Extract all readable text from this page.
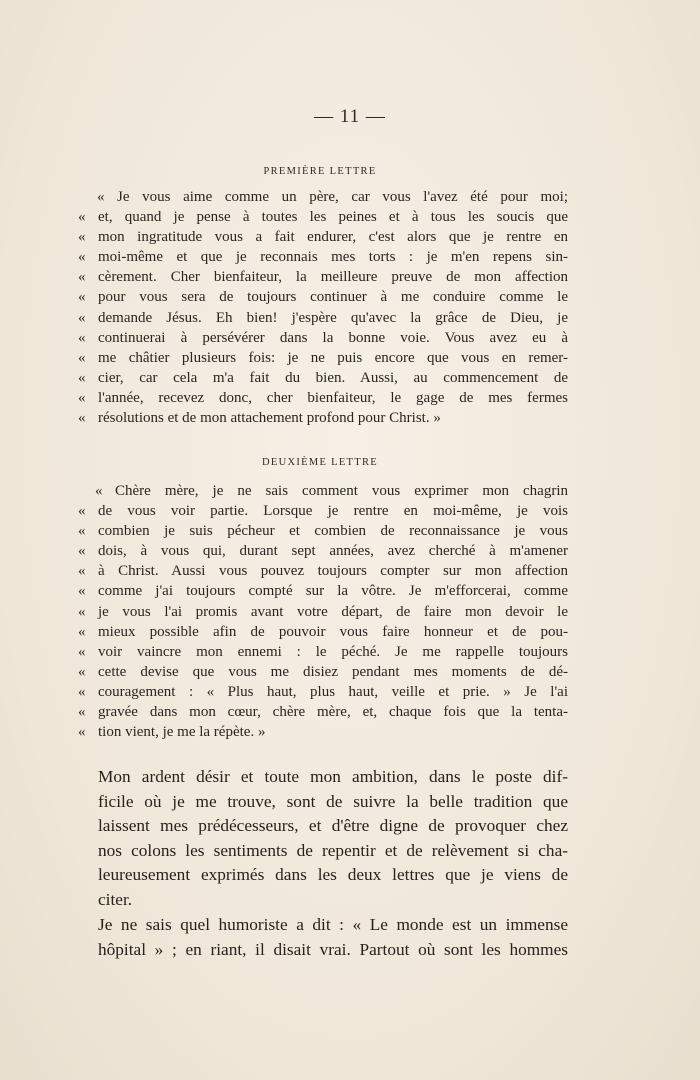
— 11 —
PREMIÈRE LETTRE
« Je vous aime comme un père, car vous l'avez été pour moi;
« et, quand je pense à toutes les peines et à tous les soucis que
« mon ingratitude vous a fait endurer, c'est alors que je rentre en
« moi-même et que je reconnais mes torts : je m'en repens sin-
« cèrement. Cher bienfaiteur, la meilleure preuve de mon affection
« pour vous sera de toujours continuer à me conduire comme le
« demande Jésus. Eh bien! j'espère qu'avec la grâce de Dieu, je
« continuerai à persévérer dans la bonne voie. Vous avez eu à
« me châtier plusieurs fois: je ne puis encore que vous en remer-
« cier, car cela m'a fait du bien. Aussi, au commencement de
« l'année, recevez donc, cher bienfaiteur, le gage de mes fermes
« résolutions et de mon attachement profond pour Christ. »
DEUXIÈME LETTRE
« Chère mère, je ne sais comment vous exprimer mon chagrin
« de vous voir partie. Lorsque je rentre en moi-même, je vois
« combien je suis pécheur et combien de reconnaissance je vous
« dois, à vous qui, durant sept années, avez cherché à m'amener
« à Christ. Aussi vous pouvez toujours compter sur mon affection
« comme j'ai toujours compté sur la vôtre. Je m'efforcerai, comme
« je vous l'ai promis avant votre départ, de faire mon devoir le
« mieux possible afin de pouvoir vous faire honneur et de pou-
« voir vaincre mon ennemi : le péché. Je me rappelle toujours
« cette devise que vous me disiez pendant mes moments de dé-
« couragement : « Plus haut, plus haut, veille et prie. » Je l'ai
« gravée dans mon cœur, chère mère, et, chaque fois que la tenta-
« tion vient, je me la répète. »
Mon ardent désir et toute mon ambition, dans le poste dif-
ficile où je me trouve, sont de suivre la belle tradition que
laissent mes prédécesseurs, et d'être digne de provoquer chez
nos colons les sentiments de repentir et de relèvement si cha-
leureusement exprimés dans les deux lettres que je viens de
citer.
Je ne sais quel humoriste a dit : « Le monde est un immense
hôpital » ; en riant, il disait vrai. Partout où sont les hommes
